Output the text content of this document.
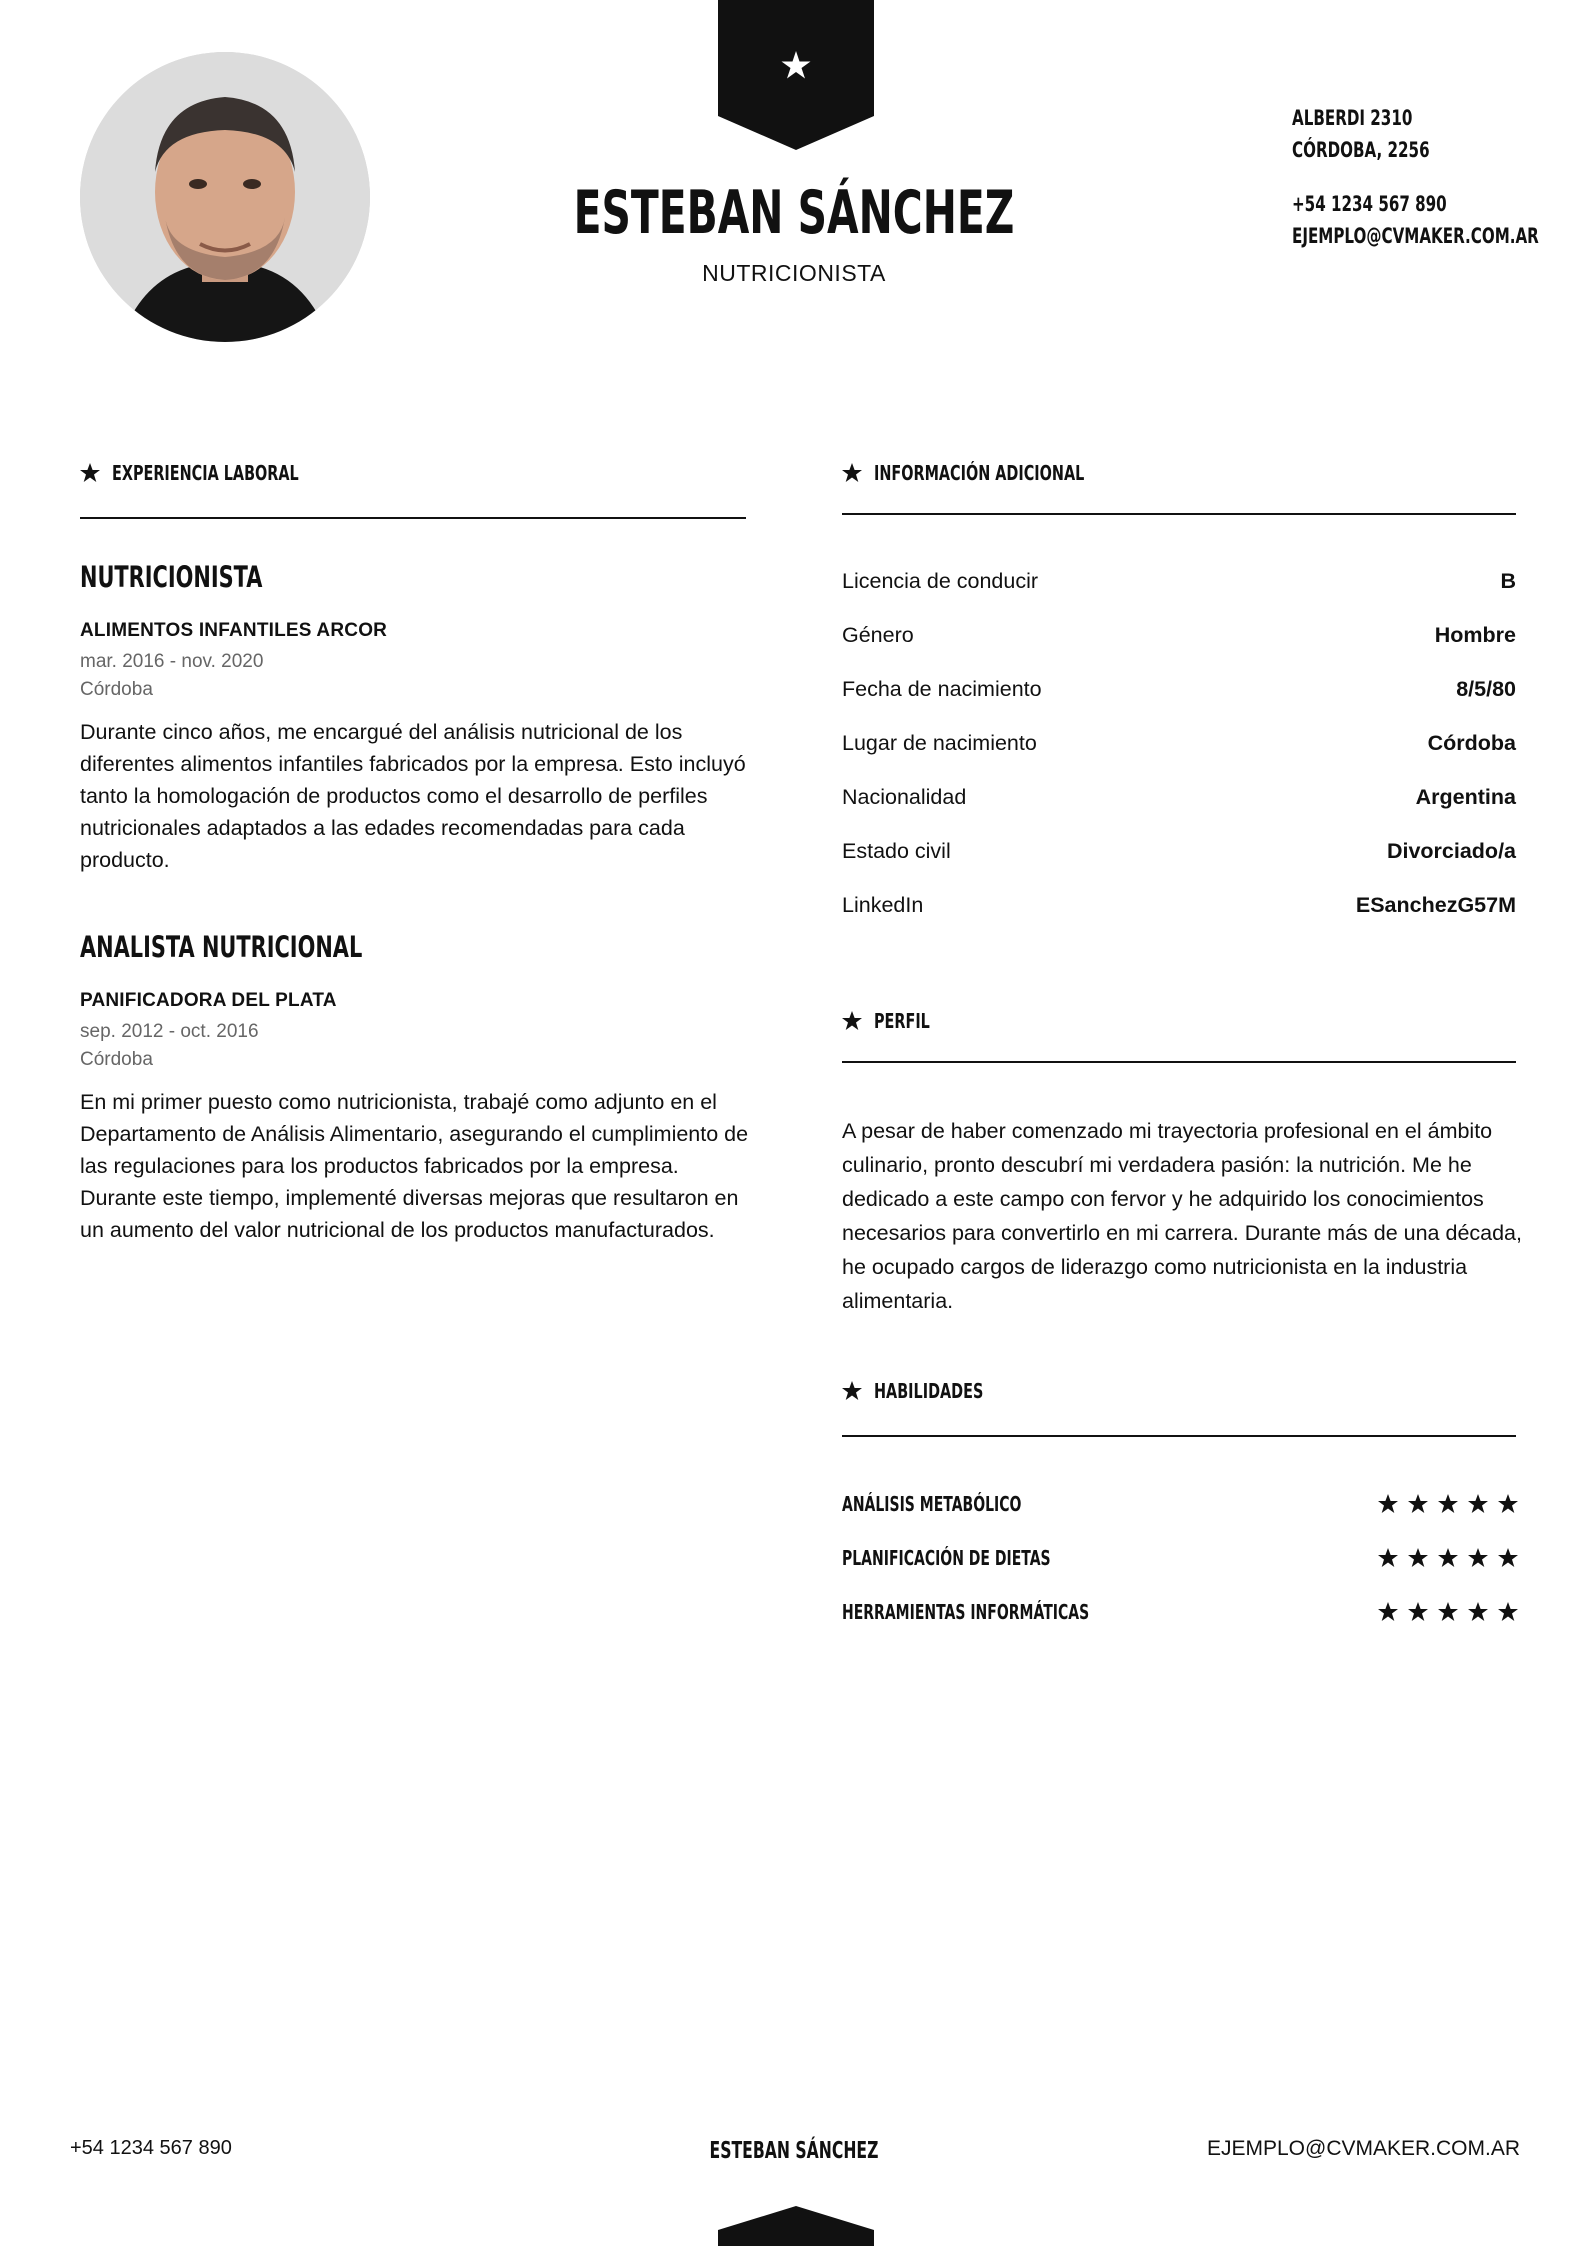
ESTEBAN SÁNCHEZ
NUTRICIONISTA
ALBERDI 2310
CÓRDOBA, 2256
+54 1234 567 890
EJEMPLO@CVMAKER.COM.AR
EXPERIENCIA LABORAL
NUTRICIONISTA
ALIMENTOS INFANTILES ARCOR
mar. 2016 - nov. 2020
Córdoba
Durante cinco años, me encargué del análisis nutricional de los diferentes alimentos infantiles fabricados por la empresa. Esto incluyó tanto la homologación de productos como el desarrollo de perfiles nutricionales adaptados a las edades recomendadas para cada producto.
ANALISTA NUTRICIONAL
PANIFICADORA DEL PLATA
sep. 2012 - oct. 2016
Córdoba
En mi primer puesto como nutricionista, trabajé como adjunto en el Departamento de Análisis Alimentario, asegurando el cumplimiento de las regulaciones para los productos fabricados por la empresa. Durante este tiempo, implementé diversas mejoras que resultaron en un aumento del valor nutricional de los productos manufacturados.
INFORMACIÓN ADICIONAL
Licencia de conducir	B
Género	Hombre
Fecha de nacimiento	8/5/80
Lugar de nacimiento	Córdoba
Nacionalidad	Argentina
Estado civil	Divorciado/a
LinkedIn	ESanchezG57M
PERFIL
A pesar de haber comenzado mi trayectoria profesional en el ámbito culinario, pronto descubrí mi verdadera pasión: la nutrición. Me he dedicado a este campo con fervor y he adquirido los conocimientos necesarios para convertirlo en mi carrera. Durante más de una década, he ocupado cargos de liderazgo como nutricionista en la industria alimentaria.
HABILIDADES
ANÁLISIS METABÓLICO
PLANIFICACIÓN DE DIETAS
HERRAMIENTAS INFORMÁTICAS
+54 1234 567 890	ESTEBAN SÁNCHEZ	EJEMPLO@CVMAKER.COM.AR
